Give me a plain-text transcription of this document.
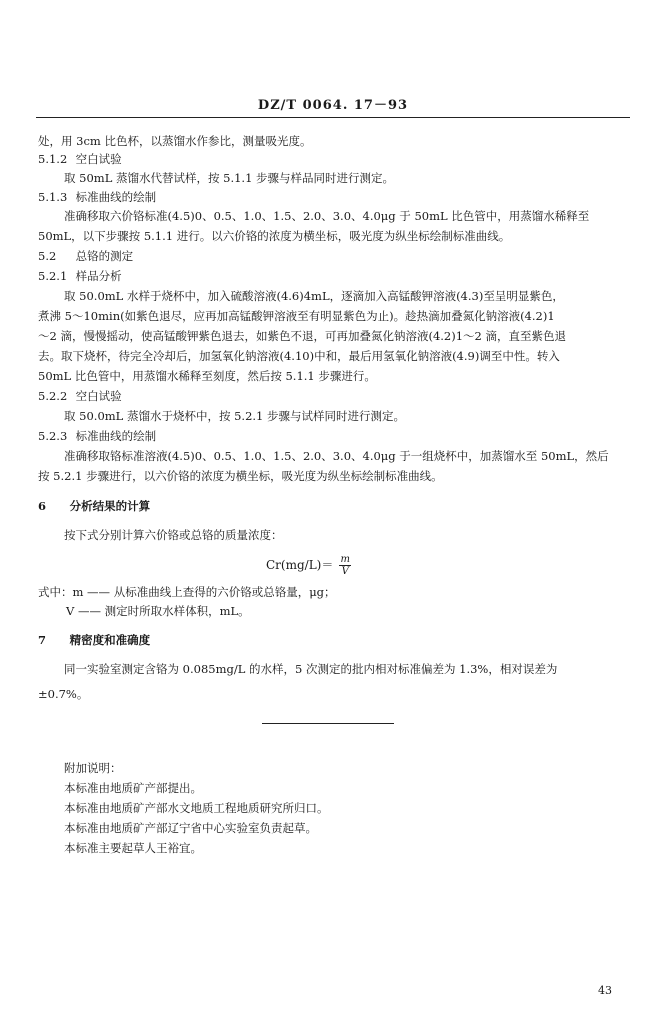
DZ/T 0064. 17－93
处，用 3cm 比色杯，以蒸馏水作参比，测量吸光度。
5.1.2 空白试验
取 50mL 蒸馏水代替试样，按 5.1.1 步骤与样品同时进行测定。
5.1.3 标准曲线的绘制
准确移取六价铬标准(4.5)0、0.5、1.0、1.5、2.0、3.0、4.0μg 于 50mL 比色管中，用蒸馏水稀释至
50mL，以下步骤按 5.1.1 进行。以六价铬的浓度为横坐标，吸光度为纵坐标绘制标准曲线。
5.2 总铬的测定
5.2.1 样品分析
取 50.0mL 水样于烧杯中，加入硫酸溶液(4.6)4mL，逐滴加入高锰酸钾溶液(4.3)至呈明显紫色，
煮沸 5～10min(如紫色退尽，应再加高锰酸钾溶液至有明显紫色为止)。趁热滴加叠氮化钠溶液(4.2)1
～2 滴，慢慢摇动，使高锰酸钾紫色退去，如紫色不退，可再加叠氮化钠溶液(4.2)1～2 滴，直至紫色退
去。取下烧杯，待完全冷却后，加氢氧化钠溶液(4.10)中和，最后用氢氧化钠溶液(4.9)调至中性。转入
50mL 比色管中，用蒸馏水稀释至刻度，然后按 5.1.1 步骤进行。
5.2.2 空白试验
取 50.0mL 蒸馏水于烧杯中，按 5.2.1 步骤与试样同时进行测定。
5.2.3 标准曲线的绘制
准确移取铬标准溶液(4.5)0、0.5、1.0、1.5、2.0、3.0、4.0μg 于一组烧杯中，加蒸馏水至 50mL，然后
按 5.2.1 步骤进行，以六价铬的浓度为横坐标，吸光度为纵坐标绘制标准曲线。
6 分析结果的计算
按下式分别计算六价铬或总铬的质量浓度：
$Cr(mg/L)= \frac{m}{V}$
式中：m —— 从标准曲线上查得的六价铬或总铬量，μg；
V —— 测定时所取水样体积，mL。
7 精密度和准确度
同一实验室测定含铬为 0.085mg/L 的水样，5 次测定的批内相对标准偏差为 1.3%，相对误差为
±0.7%。
附加说明：
本标准由地质矿产部提出。
本标准由地质矿产部水文地质工程地质研究所归口。
本标准由地质矿产部辽宁省中心实验室负责起草。
本标准主要起草人王裕宜。
43
